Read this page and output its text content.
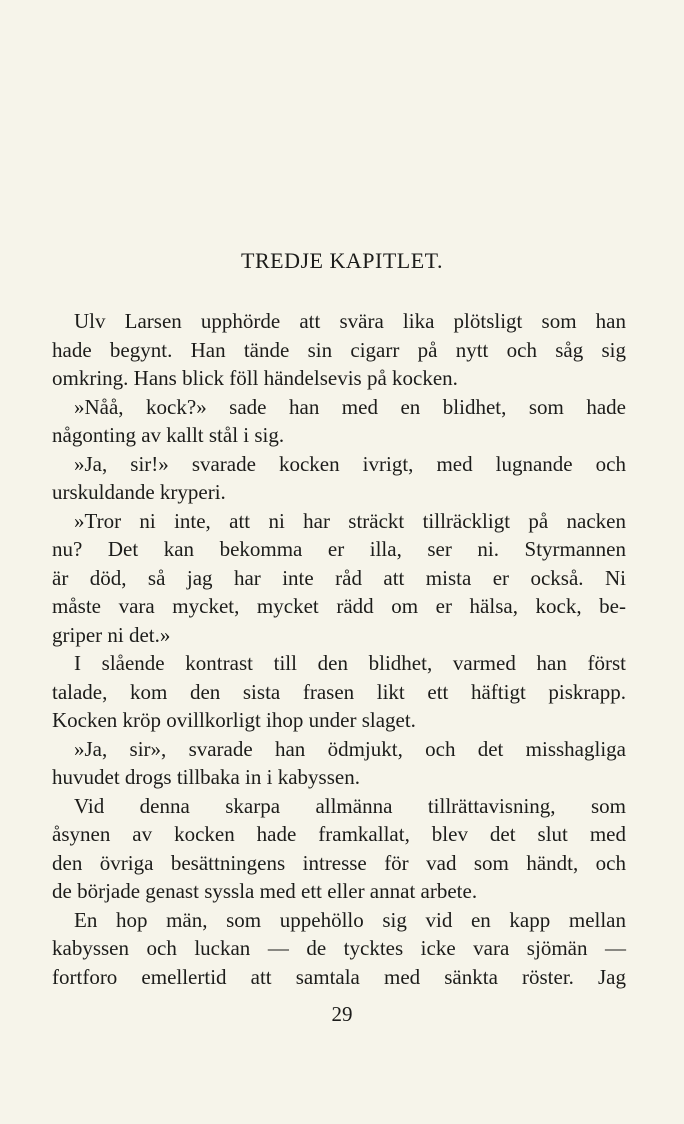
TREDJE KAPITLET.
Ulv Larsen upphörde att svära lika plötsligt som han
hade begynt. Han tände sin cigarr på nytt och såg sig
omkring. Hans blick föll händelsevis på kocken.
»Nåå, kock?» sade han med en blidhet, som hade
någonting av kallt stål i sig.
»Ja, sir!» svarade kocken ivrigt, med lugnande och
urskuldande kryperi.
»Tror ni inte, att ni har sträckt tillräckligt på nacken
nu? Det kan bekomma er illa, ser ni. Styrmannen
är död, så jag har inte råd att mista er också. Ni
måste vara mycket, mycket rädd om er hälsa, kock, be-
griper ni det.»
I slående kontrast till den blidhet, varmed han först
talade, kom den sista frasen likt ett häftigt piskrapp.
Kocken kröp ovillkorligt ihop under slaget.
»Ja, sir», svarade han ödmjukt, och det misshagliga
huvudet drogs tillbaka in i kabyssen.
Vid denna skarpa allmänna tillrättavisning, som
åsynen av kocken hade framkallat, blev det slut med
den övriga besättningens intresse för vad som händt, och
de började genast syssla med ett eller annat arbete.
En hop män, som uppehöllo sig vid en kapp mellan
kabyssen och luckan — de tycktes icke vara sjömän —
fortforo emellertid att samtala med sänkta röster. Jag
29
